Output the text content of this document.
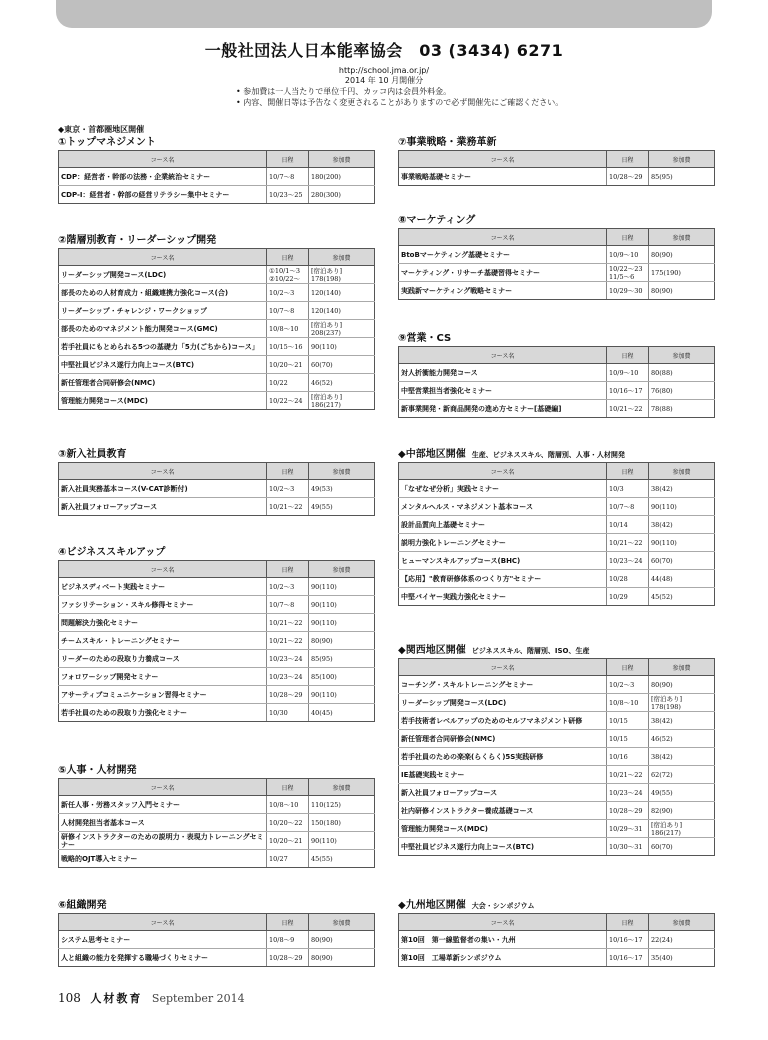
一般社団法人日本能率協会　03 (3434) 6271
http://school.jma.or.jp/
2014 年 10 月開催分
• 参加費は一人当たりで単位千円、カッコ内は会員外料金。
• 内容、開催日等は予告なく変更されることがありますので必ず開催先にご確認ください。
◆東京・首都圏地区開催
①トップマネジメント
コース名	日程	参加費
CDP：経営者・幹部の法務・企業統治セミナー	10/7～8	180(200)
CDP-I：経営者・幹部の経営リテラシー集中セミナー	10/23～25	280(300)
②階層別教育・リーダーシップ開発
コース名	日程	参加費
リーダーシップ開発コース(LDC)	①10/1～3 ②10/22～	[宿泊あり] 178(198)
部長のための人材育成力・組織連携力強化コース(合)	10/2～3	120(140)
リーダーシップ・チャレンジ・ワークショップ	10/7～8	120(140)
部長のためのマネジメント能力開発コース(GMC)	10/8～10	[宿泊あり] 208(237)
若手社員にもとめられる5つの基礎力「5力(ごちから)コース」	10/15～16	90(110)
中堅社員ビジネス遂行力向上コース(BTC)	10/20～21	60(70)
新任管理者合同研修会(NMC)	10/22	46(52)
管理能力開発コース(MDC)	10/22～24	[宿泊あり] 186(217)
③新入社員教育
コース名	日程	参加費
新入社員実務基本コース(V-CAT診断付)	10/2～3	49(53)
新入社員フォローアップコース	10/21～22	49(55)
④ビジネススキルアップ
コース名	日程	参加費
ビジネスディベート実践セミナー	10/2～3	90(110)
ファシリテーション・スキル修得セミナー	10/7～8	90(110)
問題解決力強化セミナー	10/21～22	90(110)
チームスキル・トレーニングセミナー	10/21～22	80(90)
リーダーのための段取り力養成コース	10/23～24	85(95)
フォロワーシップ開発セミナー	10/23～24	85(100)
アサーティブコミュニケーション習得セミナー	10/28～29	90(110)
若手社員のための段取り力強化セミナー	10/30	40(45)
⑤人事・人材開発
コース名	日程	参加費
新任人事・労務スタッフ入門セミナー	10/8～10	110(125)
人材開発担当者基本コース	10/20～22	150(180)
研修インストラクターのための説明力・表現力トレーニングセミナー	10/20～21	90(110)
戦略的OJT導入セミナー	10/27	45(55)
⑥組織開発
コース名	日程	参加費
システム思考セミナー	10/8～9	80(90)
人と組織の能力を発揮する職場づくりセミナー	10/28～29	80(90)
⑦事業戦略・業務革新
コース名	日程	参加費
事業戦略基礎セミナー	10/28～29	85(95)
⑧マーケティング
コース名	日程	参加費
BtoBマーケティング基礎セミナー	10/9～10	80(90)
マーケティング・リサーチ基礎習得セミナー	10/22～23 11/5～6	175(190)
実践新マーケティング戦略セミナー	10/29～30	80(90)
⑨営業・CS
コース名	日程	参加費
対人折衝能力開発コース	10/9～10	80(88)
中堅営業担当者強化セミナー	10/16～17	76(80)
新事業開発・新商品開発の進め方セミナー[基礎編]	10/21～22	78(88)
◆中部地区開催 生産、ビジネススキル、階層別、人事・人材開発
コース名	日程	参加費
「なぜなぜ分析」実践セミナー	10/3	38(42)
メンタルヘルス・マネジメント基本コース	10/7～8	90(110)
設計品質向上基礎セミナー	10/14	38(42)
説明力強化トレーニングセミナー	10/21～22	90(110)
ヒューマンスキルアップコース(BHC)	10/23～24	60(70)
【応用】"教育研修体系のつくり方"セミナー	10/28	44(48)
中堅バイヤー実践力強化セミナー	10/29	45(52)
◆関西地区開催 ビジネススキル、階層別、ISO、生産
コース名	日程	参加費
コーチング・スキルトレーニングセミナー	10/2～3	80(90)
リーダーシップ開発コース(LDC)	10/8～10	[宿泊あり] 178(198)
若手技術者レベルアップのためのセルフマネジメント研修	10/15	38(42)
新任管理者合同研修会(NMC)	10/15	46(52)
若手社員のための楽楽(らくらく)5S実践研修	10/16	38(42)
IE基礎実践セミナー	10/21～22	62(72)
新入社員フォローアップコース	10/23～24	49(55)
社内研修インストラクター養成基礎コース	10/28～29	82(90)
管理能力開発コース(MDC)	10/29～31	[宿泊あり] 186(217)
中堅社員ビジネス遂行力向上コース(BTC)	10/30～31	60(70)
◆九州地区開催 大会・シンポジウム
コース名	日程	参加費
第10回　第一線監督者の集い・九州	10/16～17	22(24)
第10回　工場革新シンポジウム	10/16～17	35(40)
108 人材教育 September 2014
